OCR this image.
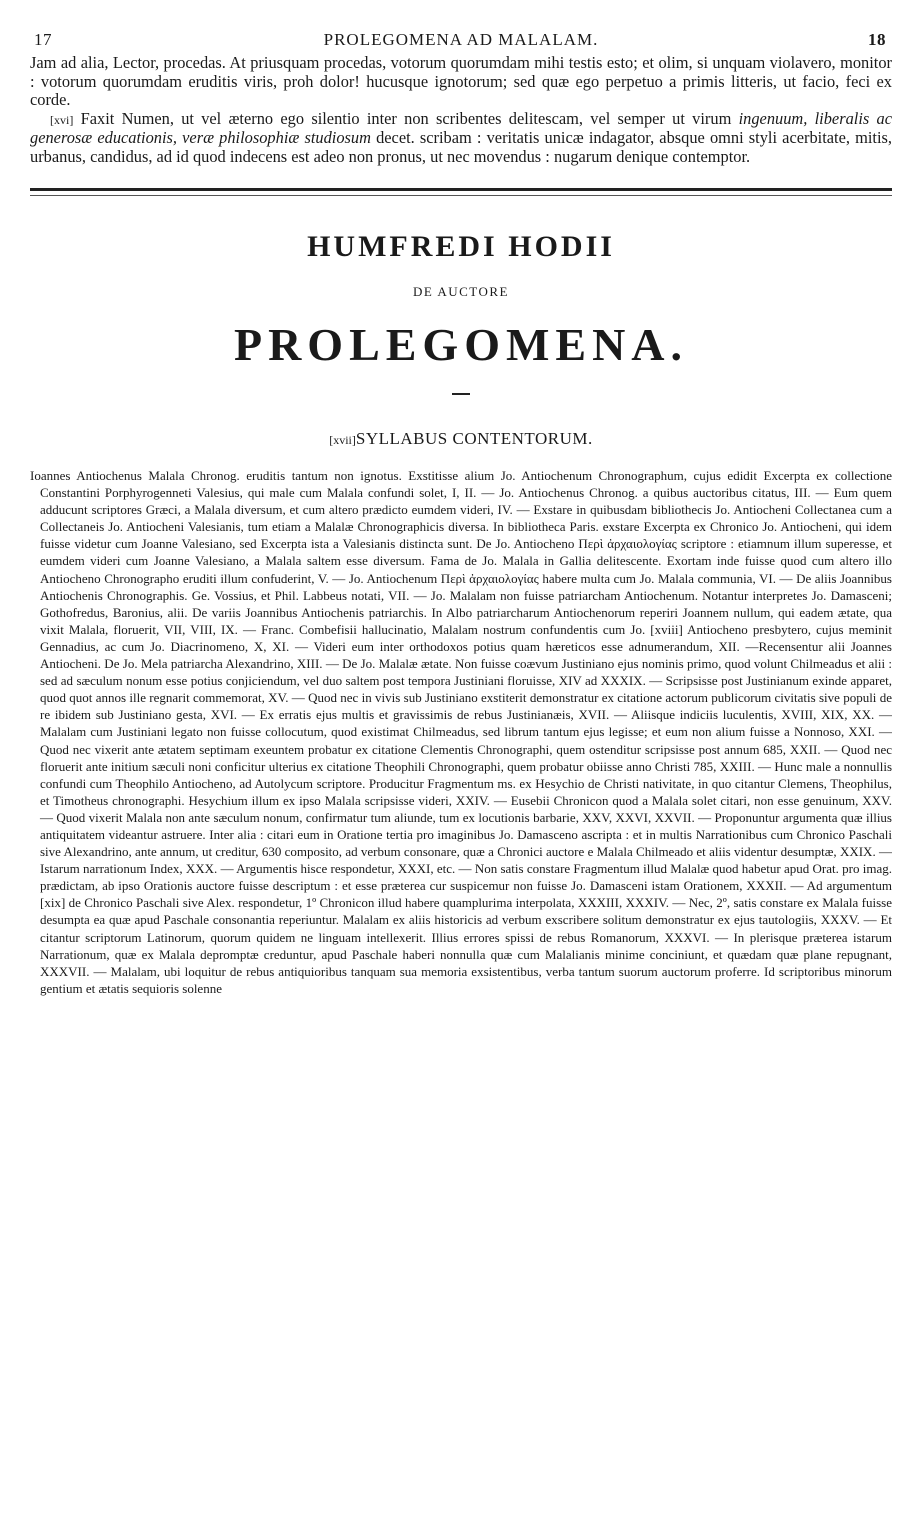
17	PROLEGOMENA AD MALALAM.	18

Jam ad alia, Lector, procedas. At priusquam procedas, votorum quorumdam mihi testis esto; et olim, si unquam violavero, monitor : votorum quorumdam eruditis viris, proh dolor! hucusque ignotorum; sed quæ ego perpetuo a primis litteris, ut facio, feci ex corde.

[xvi] Faxit Numen, ut vel æterno ego silentio inter non scribentes delitescam, vel semper ut virum ingenuum, liberalis ac generosæ educationis, veræ philosophiæ studiosum decet. scribam : veritatis unicæ indagator, absque omni styli acerbitate, mitis, urbanus, candidus, ad id quod indecens est adeo non pronus, ut nec movendus : nugarum denique contemptor.

HUMFREDI HODII
DE AUCTORE
PROLEGOMENA.
[xvii]SYLLABUS CONTENTORUM.

Ioannes Antiochenus Malala Chronog. eruditis tantum non ignotus. Exstitisse alium Jo. Antiochenum Chronographum, cujus edidit Excerpta ex collectione Constantini Porphyrogenneti Valesius, qui male cum Malala confundi solet, I, II. — Jo. Antiochenus Chronog. a quibus auctoribus citatus, III. — Eum quem adducunt scriptores Græci, a Malala diversum, et cum altero prædicto eumdem videri, IV. — Exstare in quibusdam bibliothecis Jo. Antiocheni Collectanea cum a Collectaneis Jo. Antiocheni Valesianis, tum etiam a Malalæ Chronographicis diversa. In bibliotheca Paris. exstare Excerpta ex Chronico Jo. Antiocheni, qui idem fuisse videtur cum Joanne Valesiano, sed Excerpta ista a Valesianis distincta sunt. De Jo. Antiocheno Περὶ ἀρχαιολογίας scriptore : etiamnum illum superesse, et eumdem videri cum Joanne Valesiano, a Malala saltem esse diversum. Fama de Jo. Malala in Gallia delitescente. Exortam inde fuisse quod cum altero illo Antiocheno Chronographo eruditi illum confuderint, V. — Jo. Antiochenum Περὶ ἀρχαιολογίας habere multa cum Jo. Malala communia, VI. — De aliis Joannibus Antiochenis Chronographis. Ge. Vossius, et Phil. Labbeus notati, VII. — Jo. Malalam non fuisse patriarcham Antiochenum. Notantur interpretes Jo. Damasceni; Gothofredus, Baronius, alii. De variis Joannibus Antiochenis patriarchis. In Albo patriarcharum Antiochenorum reperiri Joannem nullum, qui eadem ætate, qua vixit Malala, floruerit, VII, VIII, IX. — Franc. Combefisii hallucinatio, Malalam nostrum confundentis cum Jo. [xviii] Antiocheno presbytero, cujus meminit Gennadius, ac cum Jo. Diacrinomeno, X, XI. — Videri eum inter orthodoxos potius quam hæreticos esse adnumerandum, XII. —Recensentur alii Joannes Antiocheni. De Jo. Mela patriarcha Alexandrino, XIII. — De Jo. Malalæ ætate. Non fuisse coævum Justiniano ejus nominis primo, quod volunt Chilmeadus et alii : sed ad sæculum nonum esse potius conjiciendum, vel duo saltem post tempora Justiniani floruisse, XIV ad XXXIX. — Scripsisse post Justinianum exinde apparet, quod quot annos ille regnarit commemorat, XV. — Quod nec in vivis sub Justiniano exstiterit demonstratur ex citatione actorum publicorum civitatis sive populi de re ibidem sub Justiniano gesta, XVI. — Ex erratis ejus multis et gravissimis de rebus Justinianæis, XVII. — Aliisque indiciis luculentis, XVIII, XIX, XX. — Malalam cum Justiniani legato non fuisse collocutum, quod existimat Chilmeadus, sed librum tantum ejus legisse; et eum non alium fuisse a Nonnoso, XXI. — Quod nec vixerit ante ætatem septimam exeuntem probatur ex citatione Clementis Chronographi, quem ostenditur scripsisse post annum 685, XXII. — Quod nec floruerit ante initium sæculi noni conficitur ulterius ex citatione Theophili Chronographi, quem probatur obiisse anno Christi 785, XXIII. — Hunc male a nonnullis confundi cum Theophilo Antiocheno, ad Autolycum scriptore. Producitur Fragmentum ms. ex Hesychio de Christi nativitate, in quo citantur Clemens, Theophilus, et Timotheus chronographi. Hesychium illum ex ipso Malala scripsisse videri, XXIV. — Eusebii Chronicon quod a Malala solet citari, non esse genuinum, XXV. — Quod vixerit Malala non ante sæculum nonum, confirmatur tum aliunde, tum ex locutionis barbarie, XXV, XXVI, XXVII. — Proponuntur argumenta quæ illius antiquitatem videantur astruere. Inter alia : citari eum in Oratione tertia pro imaginibus Jo. Damasceno ascripta : et in multis Narrationibus cum Chronico Paschali sive Alexandrino, ante annum, ut creditur, 630 composito, ad verbum consonare, quæ a Chronici auctore e Malala Chilmeado et aliis videntur desumptæ, XXIX. — Istarum narrationum Index, XXX. — Argumentis hisce respondetur, XXXI, etc. — Non satis constare Fragmentum illud Malalæ quod habetur apud Orat. pro imag. prædictam, ab ipso Orationis auctore fuisse descriptum : et esse præterea cur suspicemur non fuisse Jo. Damasceni istam Orationem, XXXII. — Ad argumentum [xix] de Chronico Paschali sive Alex. respondetur, 1º Chronicon illud habere quamplurima interpolata, XXXIII, XXXIV. — Nec, 2º, satis constare ex Malala fuisse desumpta ea quæ apud Paschale consonantia reperiuntur. Malalam ex aliis historicis ad verbum exscribere solitum demonstratur ex ejus tautologiis, XXXV. — Et citantur scriptorum Latinorum, quorum quidem ne linguam intellexerit. Illius errores spissi de rebus Romanorum, XXXVI. — In plerisque præterea istarum Narrationum, quæ ex Malala depromptæ creduntur, apud Paschale haberi nonnulla quæ cum Malalianis minime conciniunt, et quædam quæ plane repugnant, XXXVII. — Malalam, ubi loquitur de rebus antiquioribus tanquam sua memoria exsistentibus, verba tantum suorum auctorum proferre. Id scriptoribus minorum gentium et ætatis sequioris solenne
